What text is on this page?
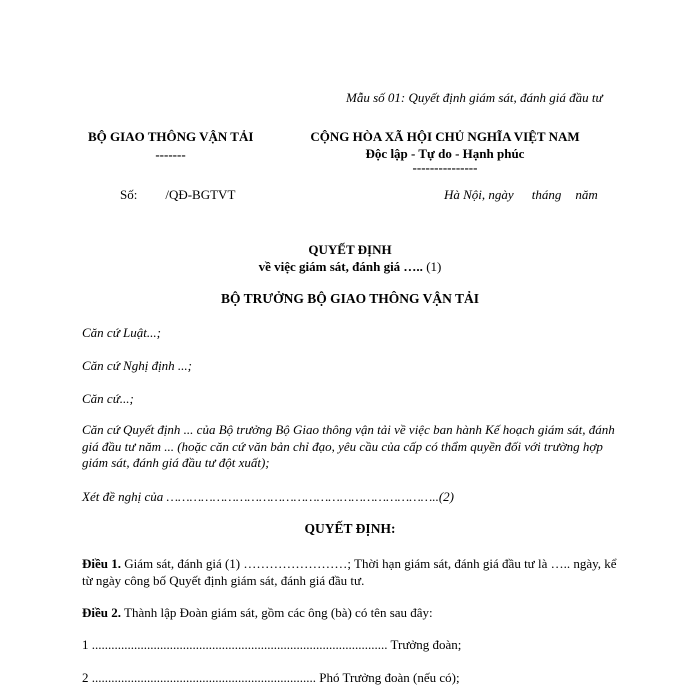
Mẫu số 01: Quyết định giám sát, đánh giá đầu tư
BỘ GIAO THÔNG VẬN TẢI
-------
CỘNG HÒA XÃ HỘI CHỦ NGHĨA VIỆT NAM
Độc lập - Tự do - Hạnh phúc
---------------
Số: /QĐ-BGTVT	Hà Nội, ngày tháng năm
QUYẾT ĐỊNH
về việc giám sát, đánh giá ….. (1)
BỘ TRƯỞNG BỘ GIAO THÔNG VẬN TẢI
Căn cứ Luật...;
Căn cứ Nghị định ...;
Căn cứ...;
Căn cứ Quyết định ... của Bộ trưởng Bộ Giao thông vận tải về việc ban hành Kế hoạch giám sát, đánh giá đầu tư năm ... (hoặc căn cứ văn bản chỉ đạo, yêu cầu của cấp có thẩm quyền đối với trường hợp giám sát, đánh giá đầu tư đột xuất);
Xét đề nghị của ……………………………………………………………..(2)
QUYẾT ĐỊNH:
Điều 1. Giám sát, đánh giá (1) ……………………; Thời hạn giám sát, đánh giá đầu tư là ….. ngày, kể từ ngày công bố Quyết định giám sát, đánh giá đầu tư.
Điều 2. Thành lập Đoàn giám sát, gồm các ông (bà) có tên sau đây:
1 ........................................................................................... Trưởng đoàn;
2 ..................................................................... Phó Trưởng đoàn (nếu có);
